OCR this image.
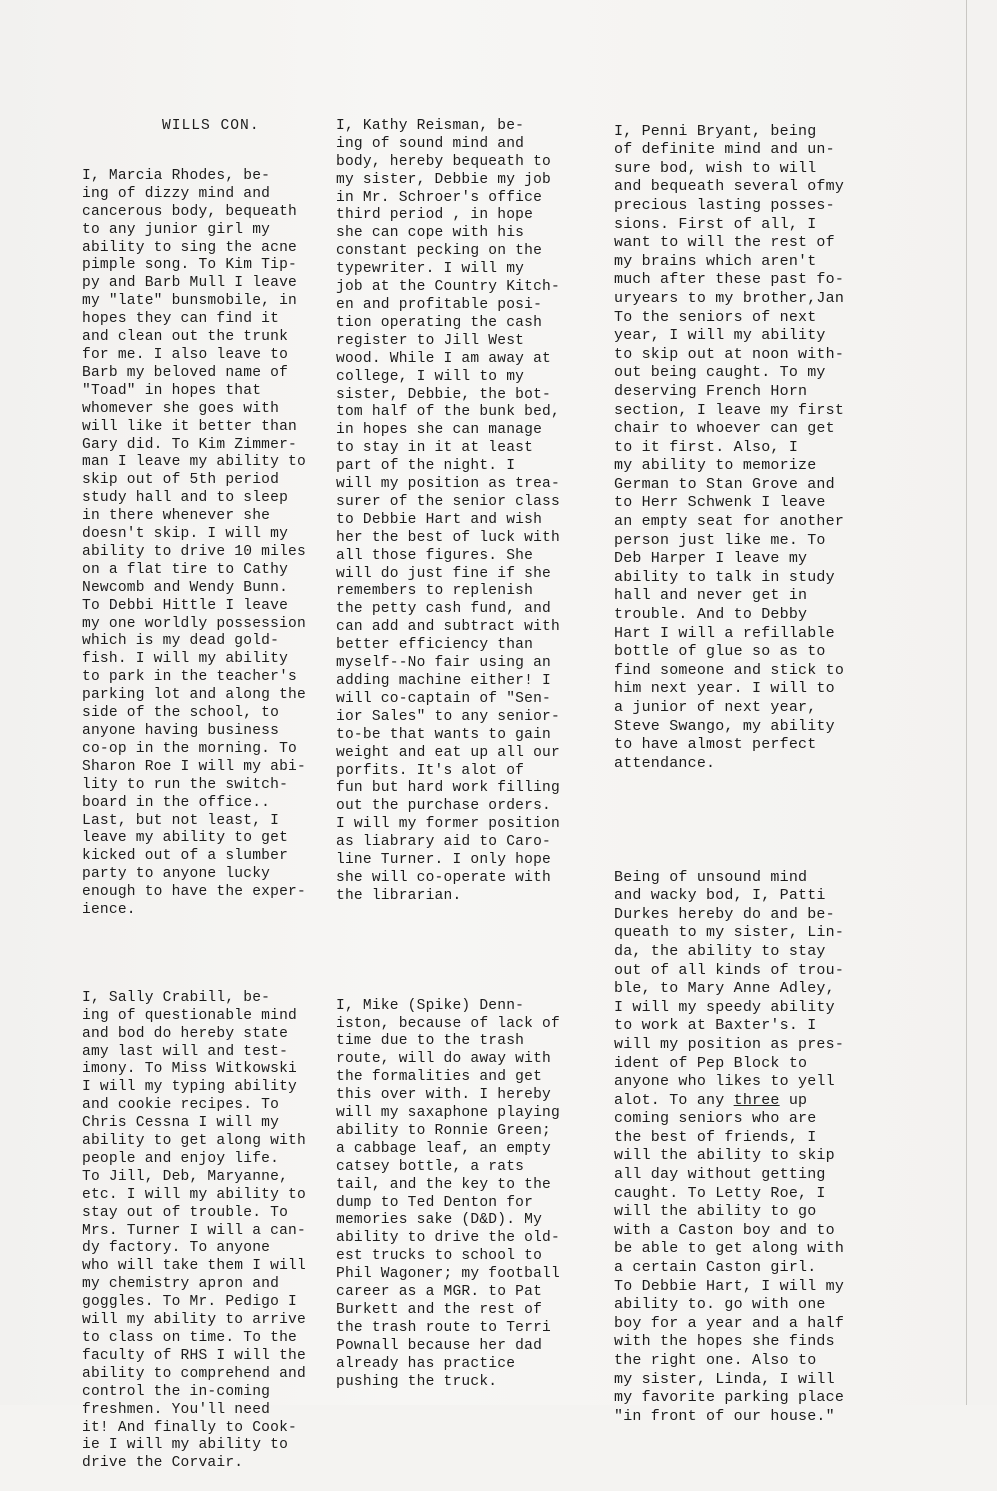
WILLS CON.

I, Marcia Rhodes, be-
ing of dizzy mind and
cancerous body, bequeath
to any junior girl my
ability to sing the acne
pimple song. To Kim Tip-
py and Barb Mull I leave
my "late" bunsmobile, in
hopes they can find it
and clean out the trunk
for me. I also leave to
Barb my beloved name of
"Toad" in hopes that
whomever she goes with
will like it better than
Gary did. To Kim Zimmer-
man I leave my ability to
skip out of 5th period
study hall and to sleep
in there whenever she
doesn't skip. I will my
ability to drive 10 miles
on a flat tire to Cathy
Newcomb and Wendy Bunn.
To Debbi Hittle I leave
my one worldly possession
which is my dead gold-
fish. I will my ability
to park in the teacher's
parking lot and along the
side of the school, to
anyone having business
co-op in the morning. To
Sharon Roe I will my abi-
lity to run the switch-
board in the office..
Last, but not least, I
leave my ability to get
kicked out of a slumber
party to anyone lucky
enough to have the exper-
ience.

I, Sally Crabill, be-
ing of questionable mind
and bod do hereby state
amy last will and test-
imony. To Miss Witkowski
I will my typing ability
and cookie recipes. To
Chris Cessna I will my
ability to get along with
people and enjoy life.
To Jill, Deb, Maryanne,
etc. I will my ability to
stay out of trouble. To
Mrs. Turner I will a can-
dy factory. To anyone
who will take them I will
my chemistry apron and
goggles. To Mr. Pedigo I
will my ability to arrive
to class on time. To the
faculty of RHS I will the
ability to comprehend and
control the in-coming
freshmen. You'll need
it! And finally to Cook-
ie I will my ability to
drive the Corvair.

I, Kathy Reisman, be-
ing of sound mind and
body, hereby bequeath to
my sister, Debbie my job
in Mr. Schroer's office
third period , in hope
she can cope with his
constant pecking on the
typewriter. I will my
job at the Country Kitch-
en and profitable posi-
tion operating the cash
register to Jill West
wood. While I am away at
college, I will to my
sister, Debbie, the bot-
tom half of the bunk bed,
in hopes she can manage
to stay in it at least
part of the night. I
will my position as trea-
surer of the senior class
to Debbie Hart and wish
her the best of luck with
all those figures. She
will do just fine if she
remembers to replenish
the petty cash fund, and
can add and subtract with
better efficiency than
myself--No fair using an
adding machine either! I
will co-captain of "Sen-
ior Sales" to any senior-
to-be that wants to gain
weight and eat up all our
porfits. It's alot of
fun but hard work filling
out the purchase orders.
I will my former position
as liabrary aid to Caro-
line Turner. I only hope
she will co-operate with
the librarian.

I, Mike (Spike) Denn-
iston, because of lack of
time due to the trash
route, will do away with
the formalities and get
this over with. I hereby
will my saxaphone playing
ability to Ronnie Green;
a cabbage leaf, an empty
catsey bottle, a rats
tail, and the key to the
dump to Ted Denton for
memories sake (D&D). My
ability to drive the old-
est trucks to school to
Phil Wagoner; my football
career as a MGR. to Pat
Burkett and the rest of
the trash route to Terri
Pownall because her dad
already has practice
pushing the truck.

I, Penni Bryant, being
of definite mind and un-
sure bod, wish to will
and bequeath several ofmy
precious lasting posses-
sions. First of all, I
want to will the rest of
my brains which aren't
much after these past fo-
uryears to my brother,Jan
To the seniors of next
year, I will my ability
to skip out at noon with-
out being caught. To my
deserving French Horn
section, I leave my first
chair to whoever can get
to it first. Also, I
my ability to memorize
German to Stan Grove and
to Herr Schwenk I leave
an empty seat for another
person just like me. To
Deb Harper I leave my
ability to talk in study
hall and never get in
trouble. And to Debby
Hart I will a refillable
bottle of glue so as to
find someone and stick to
him next year. I will to
a junior of next year,
Steve Swango, my ability
to have almost perfect
attendance.

Being of unsound mind
and wacky bod, I, Patti
Durkes hereby do and be-
queath to my sister, Lin-
da, the ability to stay
out of all kinds of trou-
ble, to Mary Anne Adley,
I will my speedy ability
to work at Baxter's. I
will my position as pres-
ident of Pep Block to
anyone who likes to yell
alot. To any three up
coming seniors who are
the best of friends, I
will the ability to skip
all day without getting
caught. To Letty Roe, I
will the ability to go
with a Caston boy and to
be able to get along with
a certain Caston girl.
To Debbie Hart, I will my
ability to. go with one
boy for a year and a half
with the hopes she finds
the right one. Also to
my sister, Linda, I will
my favorite parking place
"in front of our house."
